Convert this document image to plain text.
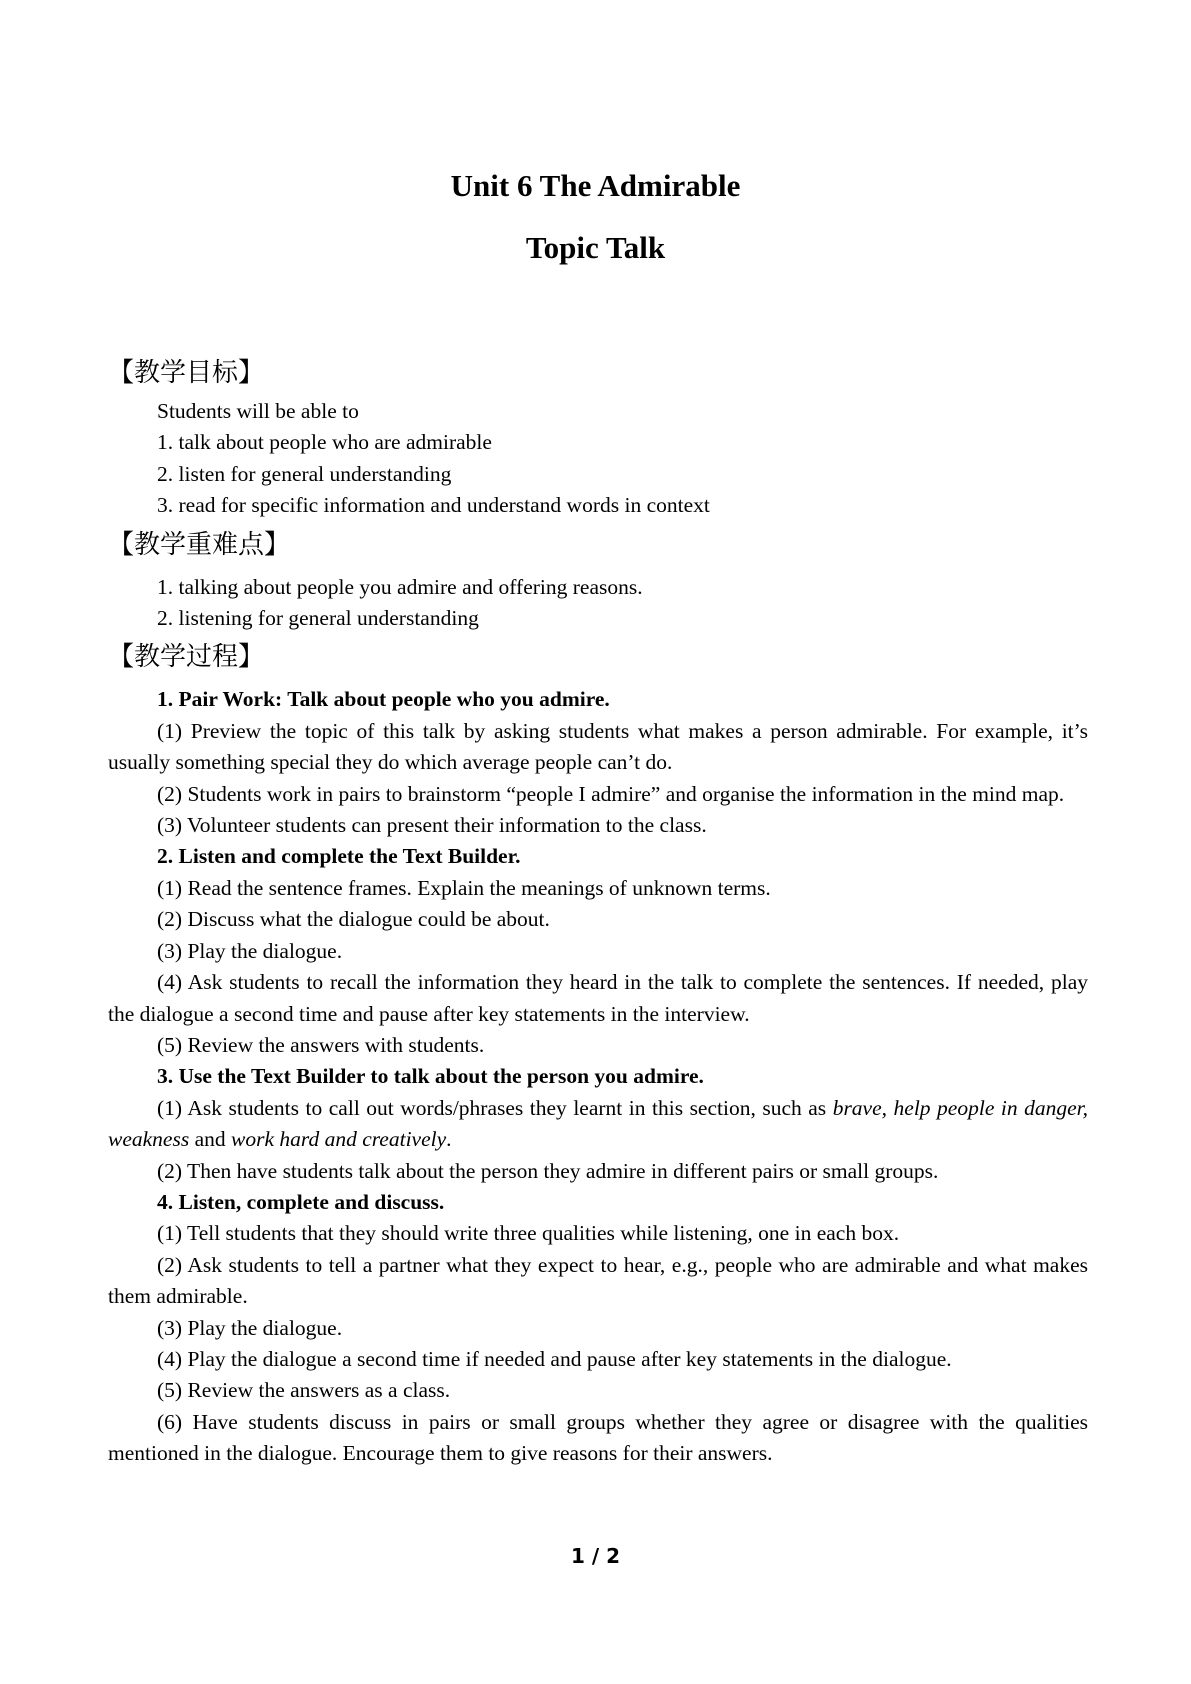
Unit 6 The Admirable
Topic Talk
【教学目标】
Students will be able to
1. talk about people who are admirable
2. listen for general understanding
3. read for specific information and understand words in context
【教学重难点】
1. talking about people you admire and offering reasons.
2. listening for general understanding
【教学过程】
1. Pair Work: Talk about people who you admire.
(1) Preview the topic of this talk by asking students what makes a person admirable. For example, it’s usually something special they do which average people can’t do.
(2) Students work in pairs to brainstorm “people I admire” and organise the information in the mind map.
(3) Volunteer students can present their information to the class.
2. Listen and complete the Text Builder.
(1) Read the sentence frames. Explain the meanings of unknown terms.
(2) Discuss what the dialogue could be about.
(3) Play the dialogue.
(4) Ask students to recall the information they heard in the talk to complete the sentences. If needed, play the dialogue a second time and pause after key statements in the interview.
(5) Review the answers with students.
3. Use the Text Builder to talk about the person you admire.
(1) Ask students to call out words/phrases they learnt in this section, such as brave, help people in danger, weakness and work hard and creatively.
(2) Then have students talk about the person they admire in different pairs or small groups.
4. Listen, complete and discuss.
(1) Tell students that they should write three qualities while listening, one in each box.
(2) Ask students to tell a partner what they expect to hear, e.g., people who are admirable and what makes them admirable.
(3) Play the dialogue.
(4) Play the dialogue a second time if needed and pause after key statements in the dialogue.
(5) Review the answers as a class.
(6) Have students discuss in pairs or small groups whether they agree or disagree with the qualities mentioned in the dialogue. Encourage them to give reasons for their answers.
1 / 2
